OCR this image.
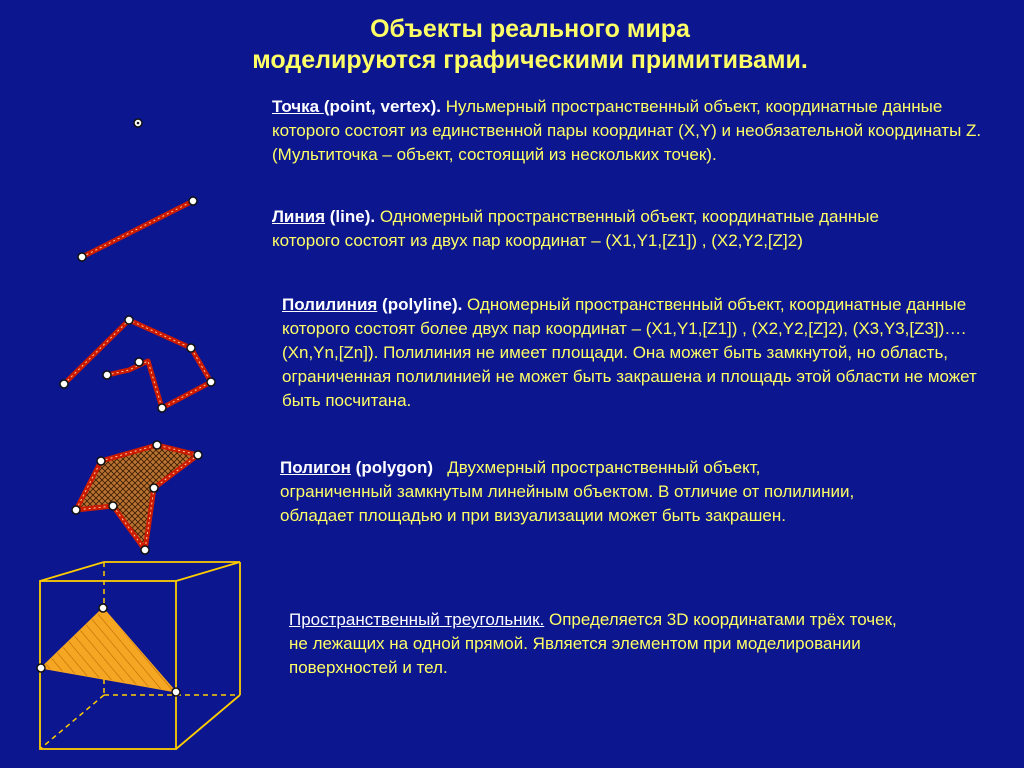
Объекты реального мира
моделируются графическими примитивами.
Точка (point, vertex). Нульмерный пространственный объект, координатные данные которого состоят из единственной пары координат (X,Y) и необязательной координаты Z. (Мультиточка – объект, состоящий из нескольких точек).
Линия (line). Одномерный пространственный объект, координатные данные которого состоят из двух пар координат – (X1,Y1,[Z1]) , (X2,Y2,[Z]2)
Полилиния (polyline). Одномерный пространственный объект, координатные данные которого состоят более двух пар координат – (X1,Y1,[Z1]) , (X2,Y2,[Z]2), (X3,Y3,[Z3])…. (Xn,Yn,[Zn]). Полилиния не имеет площади. Она может быть замкнутой, но область, ограниченная полилинией не может быть закрашена и площадь этой области не может быть посчитана.
Полигон (polygon)   Двухмерный пространственный объект, ограниченный замкнутым линейным объектом. В отличие от полилинии, обладает площадью и при визуализации может быть закрашен.
Пространственный треугольник. Определяется 3D координатами трёх точек, не лежащих на одной прямой. Является элементом при моделировании поверхностей и тел.
